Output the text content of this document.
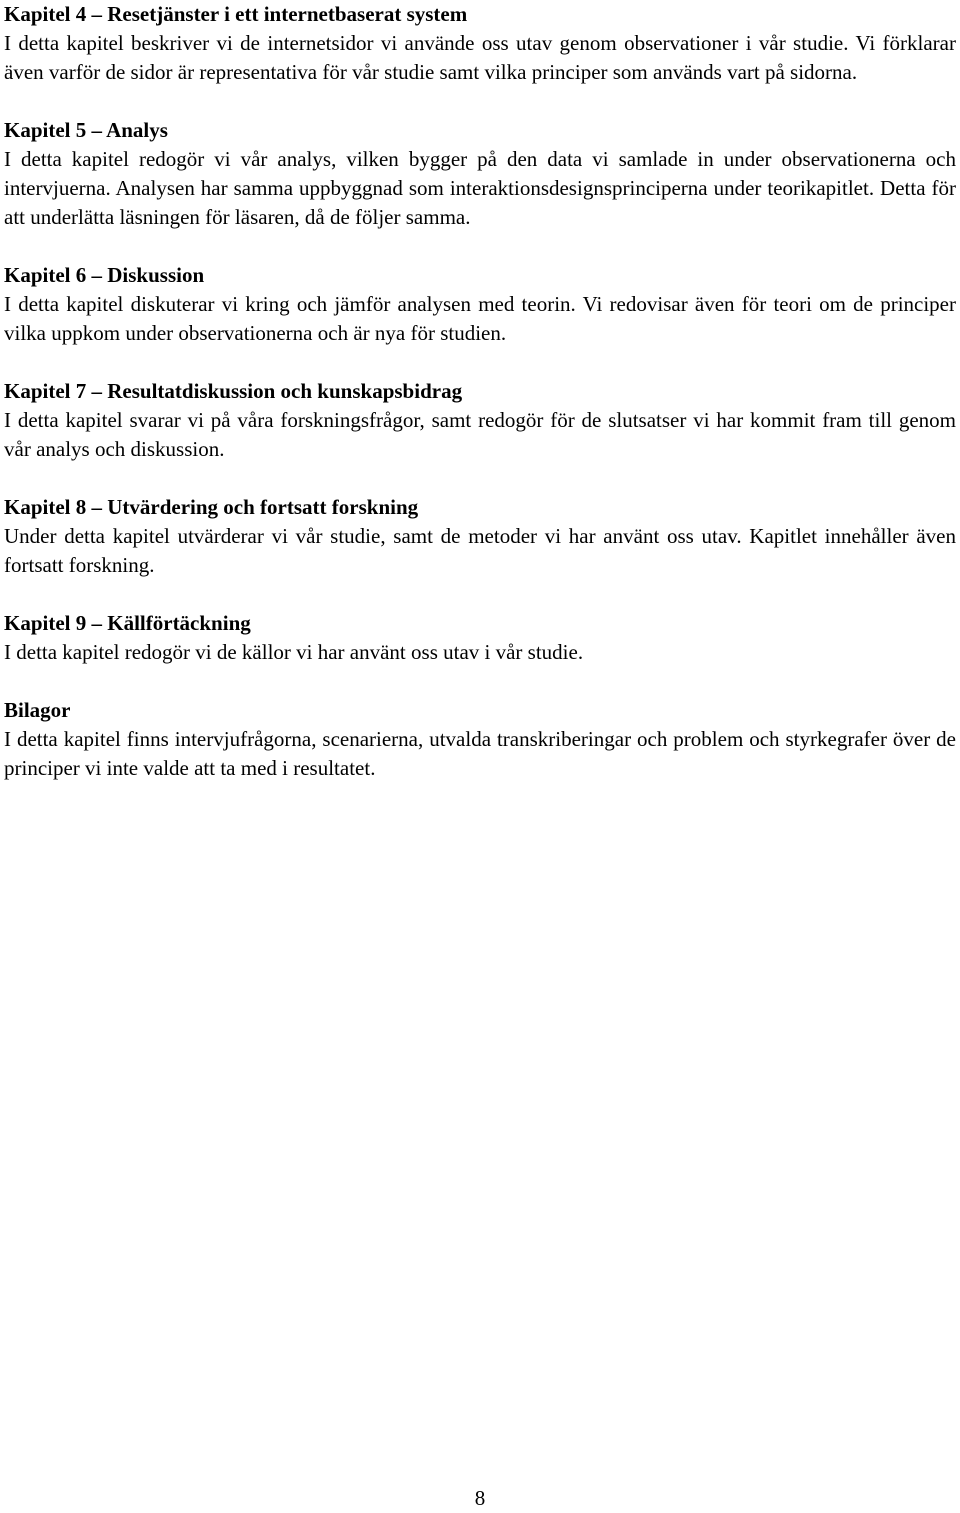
Kapitel 4 – Resetjänster i ett internetbaserat system

I detta kapitel beskriver vi de internetsidor vi använde oss utav genom observationer i vår studie. Vi förklarar även varför de sidor är representativa för vår studie samt vilka principer som används vart på sidorna.

Kapitel 5 – Analys

I detta kapitel redogör vi vår analys, vilken bygger på den data vi samlade in under observationerna och intervjuerna. Analysen har samma uppbyggnad som interaktionsdesignsprinciperna under teorikapitlet. Detta för att underlätta läsningen för läsaren, då de följer samma.

Kapitel 6 – Diskussion

I detta kapitel diskuterar vi kring och jämför analysen med teorin. Vi redovisar även för teori om de principer vilka uppkom under observationerna och är nya för studien.

Kapitel 7 – Resultatdiskussion och kunskapsbidrag

I detta kapitel svarar vi på våra forskningsfrågor, samt redogör för de slutsatser vi har kommit fram till genom vår analys och diskussion.

Kapitel 8 – Utvärdering och fortsatt forskning

Under detta kapitel utvärderar vi vår studie, samt de metoder vi har använt oss utav. Kapitlet innehåller även fortsatt forskning.

Kapitel 9 – Källförtäckning

I detta kapitel redogör vi de källor vi har använt oss utav i vår studie.

Bilagor

I detta kapitel finns intervjufrågorna, scenarierna, utvalda transkriberingar och problem och styrkegrafer över de principer vi inte valde att ta med i resultatet.

8
